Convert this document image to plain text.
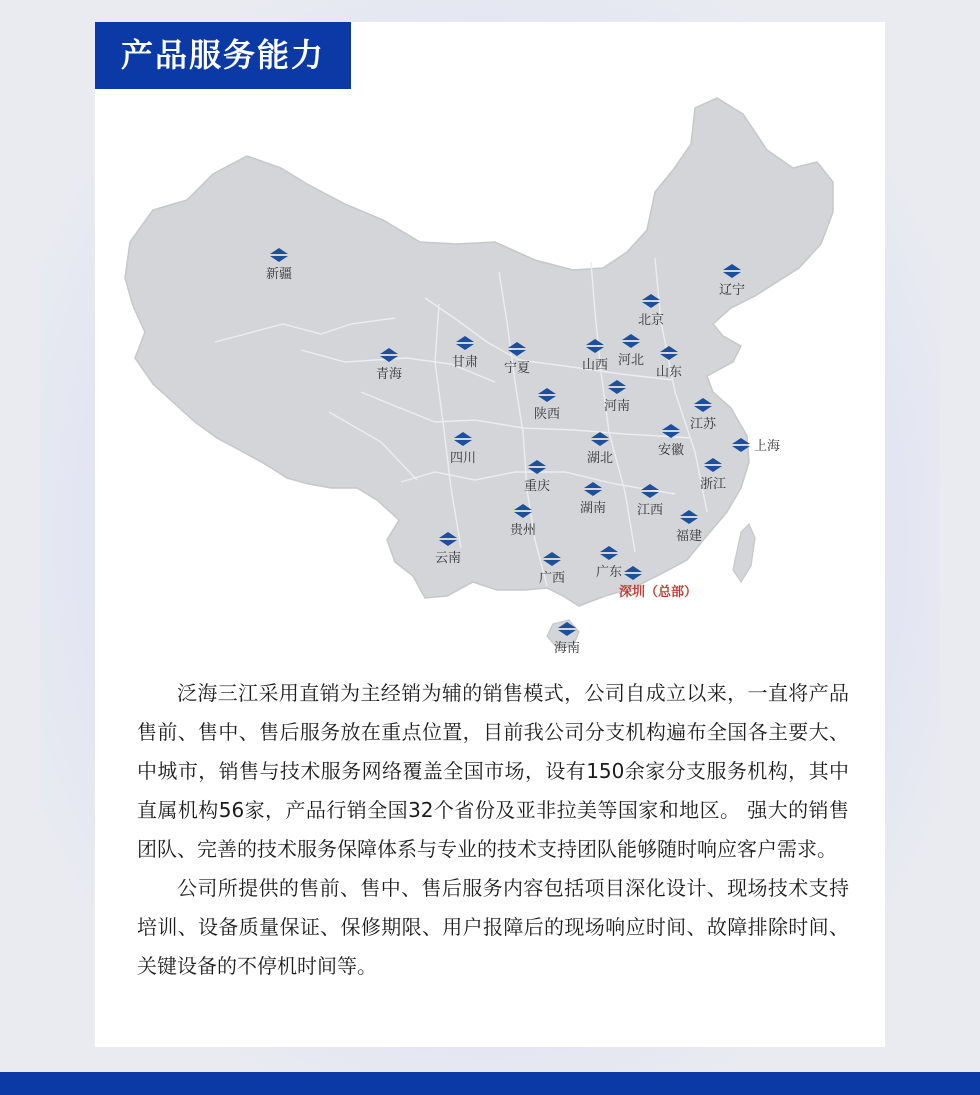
产品服务能力
新疆
青海
甘肃 宁夏	山西 河北
北京
辽宁
山东
陕西
河南
江苏
上海
安徽
四川	湖北
浙江
重庆
湖南 江西
贵州	福建
云南
广西 广东
深圳（总部）
海南

泛海三江采用直销为主经销为辅的销售模式，公司自成立以来，一直将产品售前、售中、售后服务放在重点位置，目前我公司分支机构遍布全国各主要大、中城市，销售与技术服务网络覆盖全国市场，设有150余家分支服务机构，其中直属机构56家，产品行销全国32个省份及亚非拉美等国家和地区。 强大的销售团队、完善的技术服务保障体系与专业的技术支持团队能够随时响应客户需求。

公司所提供的售前、售中、售后服务内容包括项目深化设计、现场技术支持培训、设备质量保证、保修期限、用户报障后的现场响应时间、故障排除时间、关键设备的不停机时间等。
